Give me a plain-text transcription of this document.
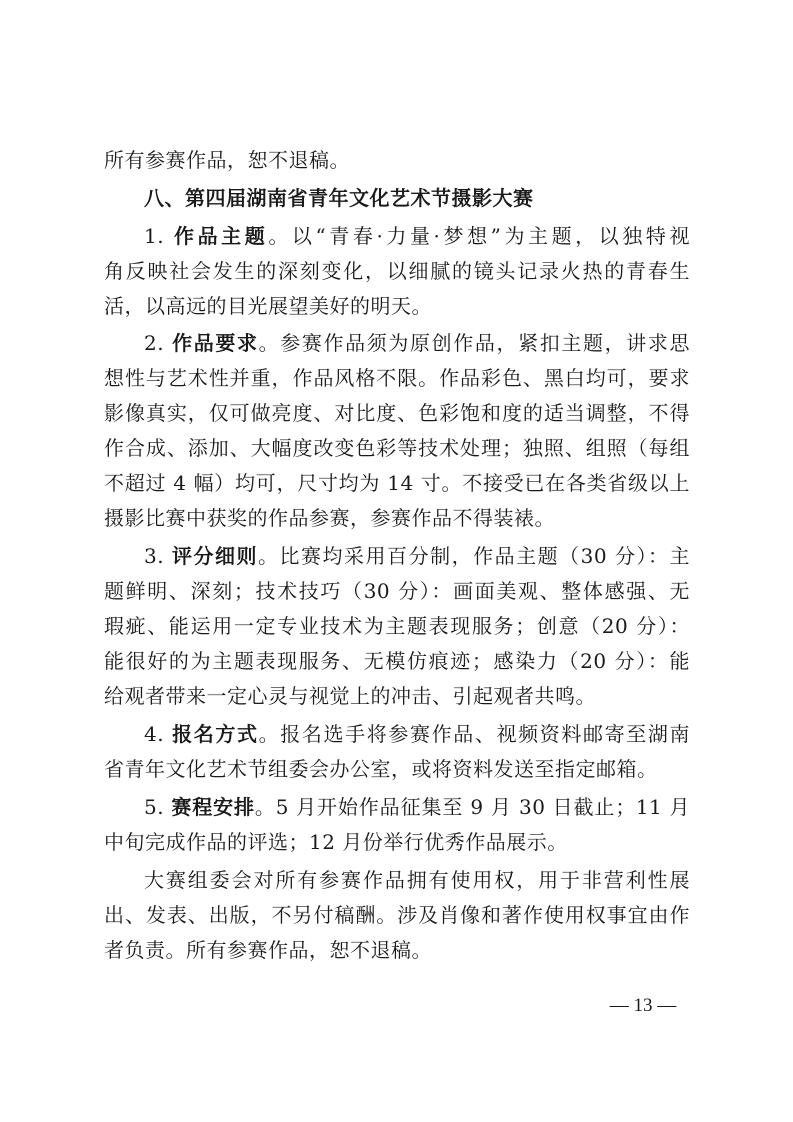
所有参赛作品，恕不退稿。
八、第四届湖南省青年文化艺术节摄影大赛
1. 作品主题。以“青春·力量·梦想”为主题，以独特视
角反映社会发生的深刻变化，以细腻的镜头记录火热的青春生
活，以高远的目光展望美好的明天。
2. 作品要求。参赛作品须为原创作品，紧扣主题，讲求思
想性与艺术性并重，作品风格不限。作品彩色、黑白均可，要求
影像真实，仅可做亮度、对比度、色彩饱和度的适当调整，不得
作合成、添加、大幅度改变色彩等技术处理；独照、组照（每组
不超过 4 幅）均可，尺寸均为 14 寸。不接受已在各类省级以上
摄影比赛中获奖的作品参赛，参赛作品不得装裱。
3. 评分细则。比赛均采用百分制，作品主题（30 分）：主
题鲜明、深刻；技术技巧（30 分）：画面美观、整体感强、无
瑕疵、能运用一定专业技术为主题表现服务；创意（20 分）：
能很好的为主题表现服务、无模仿痕迹；感染力（20 分）：能
给观者带来一定心灵与视觉上的冲击、引起观者共鸣。
4. 报名方式。报名选手将参赛作品、视频资料邮寄至湖南
省青年文化艺术节组委会办公室，或将资料发送至指定邮箱。
5. 赛程安排。5 月开始作品征集至 9 月 30 日截止；11 月
中旬完成作品的评选；12 月份举行优秀作品展示。
大赛组委会对所有参赛作品拥有使用权，用于非营利性展
出、发表、出版，不另付稿酬。涉及肖像和著作使用权事宜由作
者负责。所有参赛作品，恕不退稿。
— 13 —
